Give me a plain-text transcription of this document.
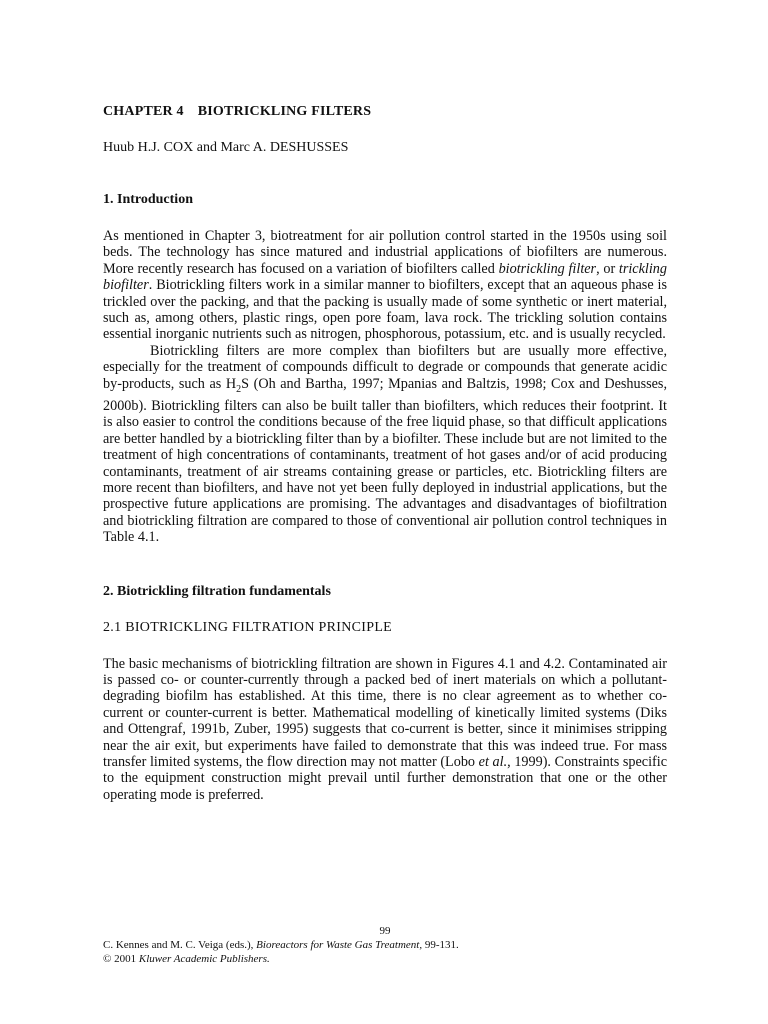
CHAPTER 4 BIOTRICKLING FILTERS

Huub H.J. COX and Marc A. DESHUSSES

1. Introduction

As mentioned in Chapter 3, biotreatment for air pollution control started in the 1950s using soil beds. The technology has since matured and industrial applications of biofilters are numerous. More recently research has focused on a variation of biofilters called biotrickling filter, or trickling biofilter. Biotrickling filters work in a similar manner to biofilters, except that an aqueous phase is trickled over the packing, and that the packing is usually made of some synthetic or inert material, such as, among others, plastic rings, open pore foam, lava rock. The trickling solution contains essential inorganic nutrients such as nitrogen, phosphorous, potassium, etc. and is usually recycled.

Biotrickling filters are more complex than biofilters but are usually more effective, especially for the treatment of compounds difficult to degrade or compounds that generate acidic by-products, such as $H_2S$ (Oh and Bartha, 1997; Mpanias and Baltzis, 1998; Cox and Deshusses, 2000b). Biotrickling filters can also be built taller than biofilters, which reduces their footprint. It is also easier to control the conditions because of the free liquid phase, so that difficult applications are better handled by a biotrickling filter than by a biofilter. These include but are not limited to the treatment of high concentrations of contaminants, treatment of hot gases and/or of acid producing contaminants, treatment of air streams containing grease or particles, etc. Biotrickling filters are more recent than biofilters, and have not yet been fully deployed in industrial applications, but the prospective future applications are promising. The advantages and disadvantages of biofiltration and biotrickling filtration are compared to those of conventional air pollution control techniques in Table 4.1.

2. Biotrickling filtration fundamentals

2.1 BIOTRICKLING FILTRATION PRINCIPLE

The basic mechanisms of biotrickling filtration are shown in Figures 4.1 and 4.2. Contaminated air is passed co- or counter-currently through a packed bed of inert materials on which a pollutant-degrading biofilm has established. At this time, there is no clear agreement as to whether co-current or counter-current is better. Mathematical modelling of kinetically limited systems (Diks and Ottengraf, 1991b, Zuber, 1995) suggests that co-current is better, since it minimises stripping near the air exit, but experiments have failed to demonstrate that this was indeed true. For mass transfer limited systems, the flow direction may not matter (Lobo et al., 1999). Constraints specific to the equipment construction might prevail until further demonstration that one or the other operating mode is preferred.

99

C. Kennes and M. C. Veiga (eds.), Bioreactors for Waste Gas Treatment, 99-131.

© 2001 Kluwer Academic Publishers.
